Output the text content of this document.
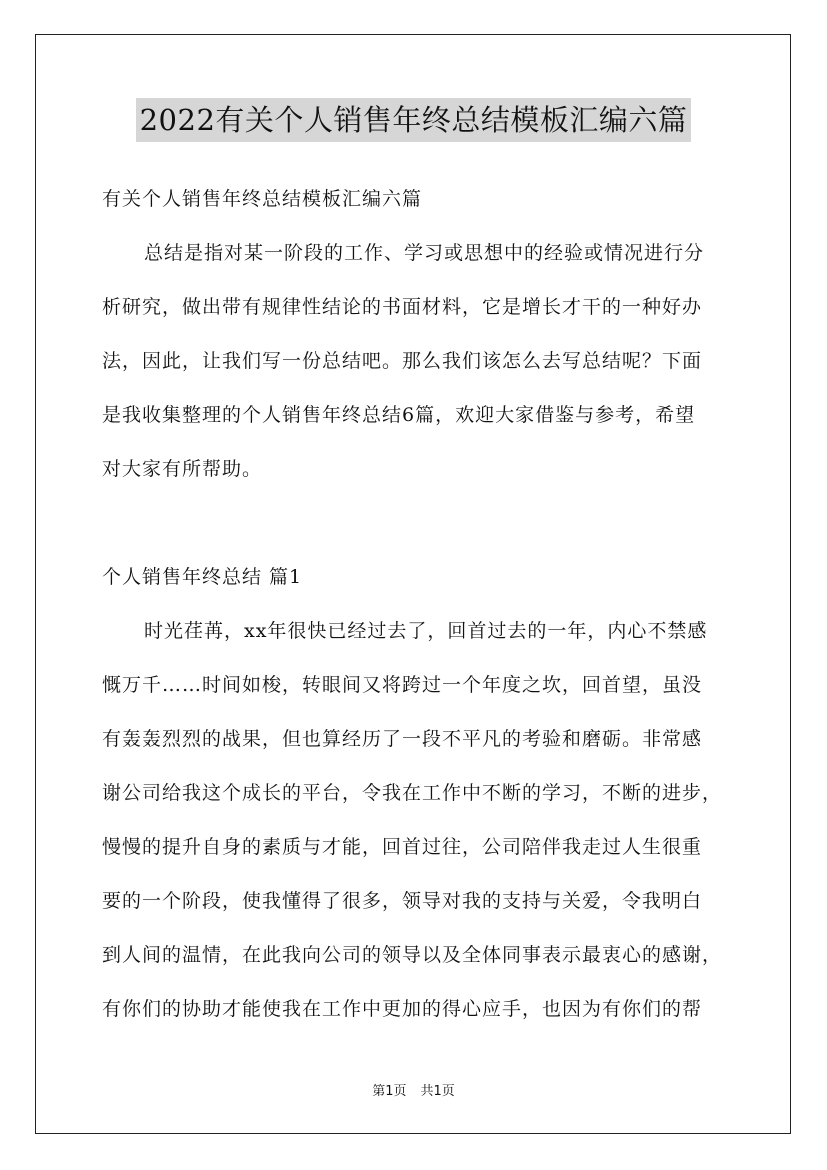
2022有关个人销售年终总结模板汇编六篇
有关个人销售年终总结模板汇编六篇
总结是指对某一阶段的工作、学习或思想中的经验或情况进行分
析研究，做出带有规律性结论的书面材料，它是增长才干的一种好办
法，因此，让我们写一份总结吧。那么我们该怎么去写总结呢？下面
是我收集整理的个人销售年终总结6篇，欢迎大家借鉴与参考，希望
对大家有所帮助。
个人销售年终总结 篇1
时光荏苒，xx年很快已经过去了，回首过去的一年，内心不禁感
慨万千……时间如梭，转眼间又将跨过一个年度之坎，回首望，虽没
有轰轰烈烈的战果，但也算经历了一段不平凡的考验和磨砺。非常感
谢公司给我这个成长的平台，令我在工作中不断的学习，不断的进步，
慢慢的提升自身的素质与才能，回首过往，公司陪伴我走过人生很重
要的一个阶段，使我懂得了很多，领导对我的支持与关爱，令我明白
到人间的温情，在此我向公司的领导以及全体同事表示最衷心的感谢，
有你们的协助才能使我在工作中更加的得心应手，也因为有你们的帮
第1页 共1页
